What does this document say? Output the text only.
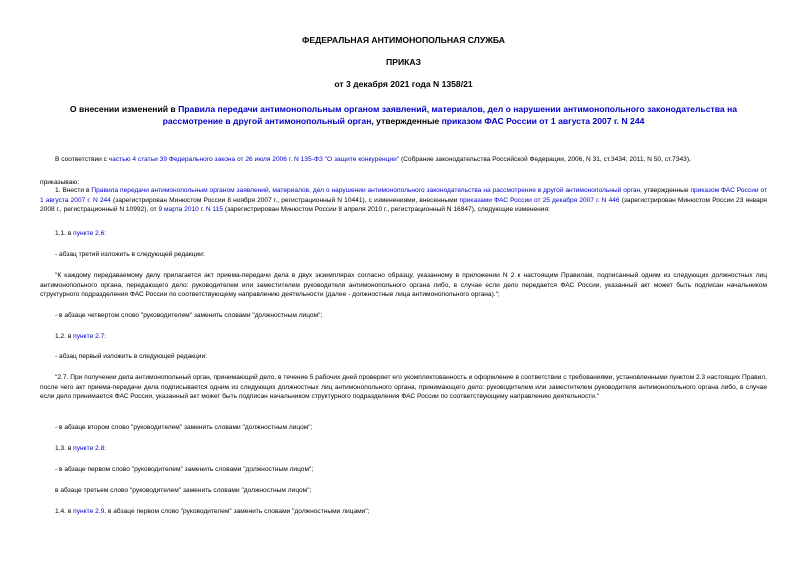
ФЕДЕРАЛЬНАЯ АНТИМОНОПОЛЬНАЯ СЛУЖБА
ПРИКАЗ
от 3 декабря 2021 года N 1358/21
О внесении изменений в Правила передачи антимонопольным органом заявлений, материалов, дел о нарушении антимонопольного законодательства на рассмотрение в другой антимонопольный орган, утвержденные приказом ФАС России от 1 августа 2007 г. N 244
В соответствии с частью 4 статьи 39 Федерального закона от 26 июля 2006 г. N 135-ФЗ "О защите конкуренции" (Собрание законодательства Российской Федерации, 2006, N 31, ст.3434; 2011, N 50, ст.7343),
приказываю:
1. Внести в Правила передачи антимонопольным органом заявлений, материалов, дел о нарушении антимонопольного законодательства на рассмотрение в другой антимонопольный орган, утвержденные приказом ФАС России от 1 августа 2007 г. N 244 (зарегистрирован Минюстом России 8 ноября 2007 г., регистрационный N 10441), с изменениями, внесенными приказами ФАС России от 25 декабря 2007 г. N 446 (зарегистрирован Минюстом России 23 января 2008 г., регистрационный N 10992), от 9 марта 2010 г. N 115 (зарегистрирован Минюстом России 8 апреля 2010 г., регистрационный N 16847), следующие изменения:
1.1. в пункте 2.6:
- абзац третий изложить в следующей редакции:
"К каждому передаваемому делу прилагается акт приема-передачи дела в двух экземплярах согласно образцу, указанному в приложении N 2 к настоящим Правилам, подписанный одним из следующих должностных лиц антимонопольного органа, передающего дело: руководителем или заместителем руководителя антимонопольного органа либо, в случае если дело передается ФАС России, указанный акт может быть подписан начальником структурного подразделения ФАС России по соответствующему направлению деятельности (далее - должностные лица антимонопольного органа).";
- в абзаце четвертом слово "руководителем" заменить словами "должностным лицом";
1.2. в пункте 2.7:
- абзац первый изложить в следующей редакции:
"2.7. При получении дела антимонопольный орган, принимающий дело, в течение 5 рабочих дней проверяет его укомплектованность и оформление в соответствии с требованиями, установленными пунктом 2.3 настоящих Правил, после чего акт приема-передачи дела подписывается одним из следующих должностных лиц антимонопольного органа, принимающего дело: руководителем или заместителем руководителя антимонопольного органа либо, в случае если дело принимается ФАС России, указанный акт может быть подписан начальником структурного подразделения ФАС России по соответствующему направлению деятельности."
- в абзаце втором слово "руководителем" заменить словами "должностным лицом";
1.3. в пункте 2.8:
- в абзаце первом слово "руководителем" заменить словами "должностным лицом";
в абзаце третьем слово "руководителем" заменить словами "должностным лицом";
1.4. в пункте 2.9. в абзаце первом слово "руководителем" заменить словами "должностными лицами";
